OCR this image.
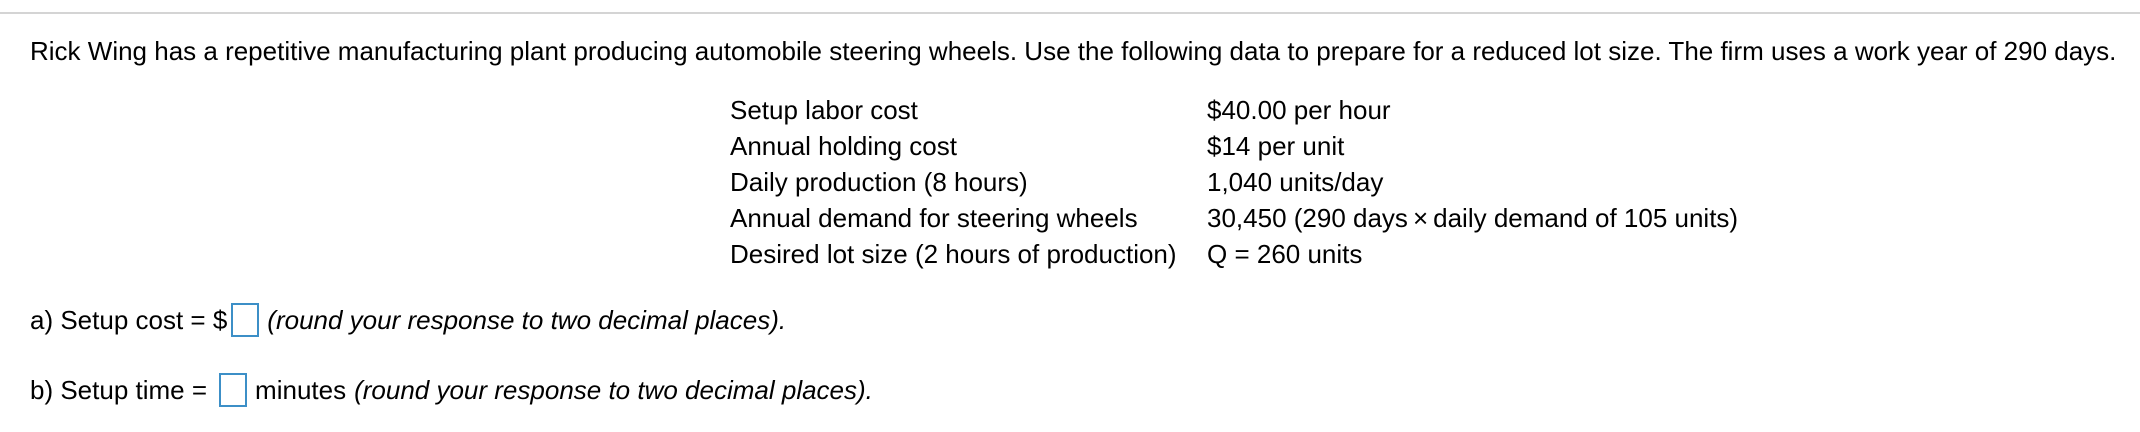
Rick Wing has a repetitive manufacturing plant producing automobile steering wheels. Use the following data to prepare for a reduced lot size. The firm uses a work year of 290 days.
Setup labor cost	$40.00 per hour
Annual holding cost	$14 per unit
Daily production (8 hours)	1,040 units/day
Annual demand for steering wheels	30,450 (290 days × daily demand of 105 units)
Desired lot size (2 hours of production)	Q = 260 units
a) Setup cost = $ (round your response to two decimal places).
b) Setup time = minutes (round your response to two decimal places).
